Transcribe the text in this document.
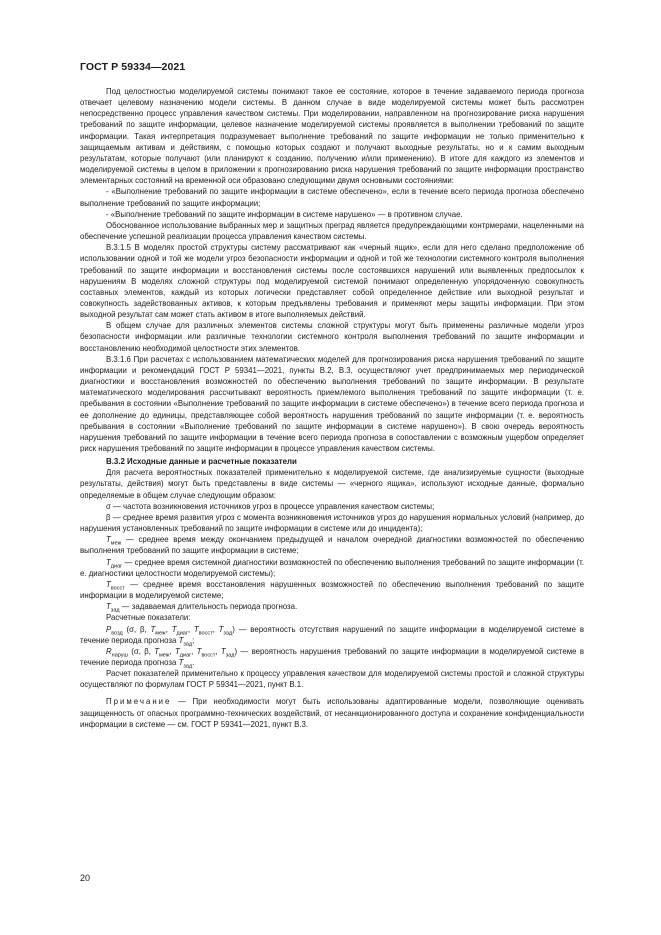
ГОСТ Р 59334—2021

Под целостностью моделируемой системы понимают такое ее состояние, которое в течение задаваемого периода прогноза отвечает целевому назначению модели системы. В данном случае в виде моделируемой системы может быть рассмотрен непосредственно процесс управления качеством системы. При моделировании, направленном на прогнозирование риска нарушения требований по защите информации, целевое назначение моделируемой системы проявляется в выполнении требований по защите информации. Такая интерпретация подразумевает выполнение требований по защите информации не только применительно к защищаемым активам и действиям, с помощью которых создают и получают выходные результаты, но и к самим выходным результатам, которые получают (или планируют к созданию, получению и/или применению). В итоге для каждого из элементов и моделируемой системы в целом в приложении к прогнозированию риска нарушения требований по защите информации пространство элементарных состояний на временной оси образовано следующими двумя основными состояниями:

- «Выполнение требований по защите информации в системе обеспечено», если в течение всего периода прогноза обеспечено выполнение требований по защите информации;

- «Выполнение требований по защите информации в системе нарушено» — в противном случае.

Обоснованное использование выбранных мер и защитных преград является предупреждающими контрмерами, нацеленными на обеспечение успешной реализации процесса управления качеством системы.

В.3.1.5 В моделях простой структуры систему рассматривают как «черный ящик», если для него сделано предположение об использовании одной и той же модели угроз безопасности информации и одной и той же технологии системного контроля выполнения требований по защите информации и восстановления системы после состоявшихся нарушений или выявленных предпосылок к нарушениям В моделях сложной структуры под моделируемой системой понимают определенную упорядоченную совокупность составных элементов, каждый из которых логически представляет собой определенное действие или выходной результат и совокупность задействованных активов, к которым предъявлены требования и применяют меры защиты информации. При этом выходной результат сам может стать активом в итоге выполняемых действий.

В общем случае для различных элементов системы сложной структуры могут быть применены различные модели угроз безопасности информации или различные технологии системного контроля выполнения требований по защите информации и восстановлению необходимой целостности этих элементов.

В.3.1.6 При расчетах с использованием математических моделей для прогнозирования риска нарушения требований по защите информации и рекомендаций ГОСТ Р 59341—2021, пункты В.2, В.3, осуществляют учет предпринимаемых мер периодической диагностики и восстановления возможностей по обеспечению выполнения требований по защите информации. В результате математического моделирования рассчитывают вероятность приемлемого выполнения требований по защите информации (т. е. пребывания в состоянии «Выполнение требований по защите информации в системе обеспечено») в течение всего периода прогноза и ее дополнение до единицы, представляющее собой вероятность нарушения требований по защите информации (т. е. вероятность пребывания в состоянии «Выполнение требований по защите информации в системе нарушено»). В свою очередь вероятность нарушения требований по защите информации в течение всего периода прогноза в сопоставлении с возможным ущербом определяет риск нарушения требований по защите информации в процессе управления качеством системы.

В.3.2 Исходные данные и расчетные показатели

Для расчета вероятностных показателей применительно к моделируемой системе, где анализируемые сущности (выходные результаты, действия) могут быть представлены в виде системы — «черного ящика», используют исходные данные, формально определяемые в общем случае следующим образом:

σ — частота возникновения источников угроз в процессе управления качеством системы;

β — среднее время развития угроз с момента возникновения источников угроз до нарушения нормальных условий (например, до нарушения установленных требований по защите информации в системе или до инцидента);

$T_{меж}$ — среднее время между окончанием предыдущей и началом очередной диагностики возможностей по обеспечению выполнения требований по защите информации в системе;

$T_{диаг}$ — среднее время системной диагностики возможностей по обеспечению выполнения требований по защите информации (т. е. диагностики целостности моделируемой системы);

$T_{восст}$ — среднее время восстановления нарушенных возможностей по обеспечению выполнения требований по защите информации в моделируемой системе;

$T_{зад}$ — задаваемая длительность периода прогноза.

Расчетные показатели:

$P_{возд}$ (σ, β, $T_{меж}$, $T_{диаг}$, $T_{восст}$, $T_{зад}$) — вероятность отсутствия нарушений по защите информации в моделируемой системе в течение периода прогноза $T_{зад}$;

$R_{наруш}$ (σ, β, $T_{меж}$, $T_{диаг}$, $T_{восст}$, $T_{зад}$) — вероятность нарушения требований по защите информации в моделируемой системе в течение периода прогноза $T_{зад}$.

Расчет показателей применительно к процессу управления качеством для моделируемой системы простой и сложной структуры осуществляют по формулам ГОСТ Р 59341—2021, пункт В.1.

Примечание — При необходимости могут быть использованы адаптированные модели, позволяющие оценивать защищенность от опасных программно-технических воздействий, от несанкционированного доступа и сохранение конфиденциальности информации в системе — см. ГОСТ Р 59341—2021, пункт В.3.

20
